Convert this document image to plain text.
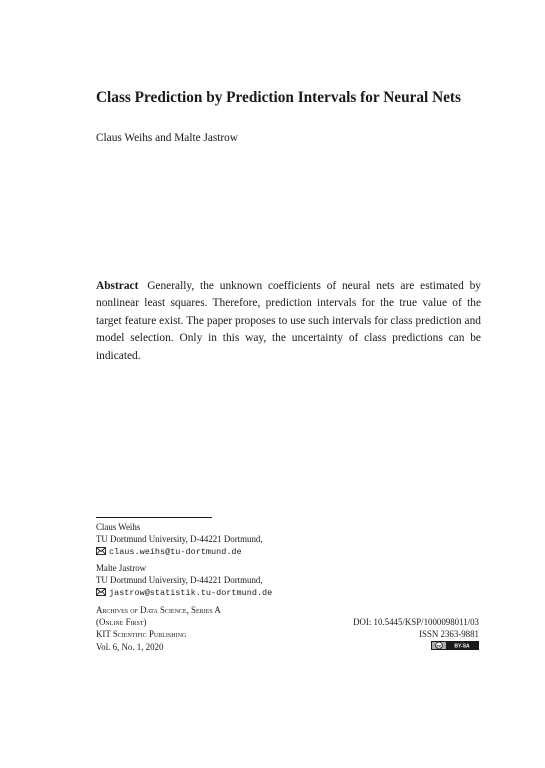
Class Prediction by Prediction Intervals for Neural Nets
Claus Weihs and Malte Jastrow
Abstract Generally, the unknown coefficients of neural nets are estimated by nonlinear least squares. Therefore, prediction intervals for the true value of the target feature exist. The paper proposes to use such intervals for class prediction and model selection. Only in this way, the uncertainty of class predictions can be indicated.
Claus Weihs
TU Dortmund University, D-44221 Dortmund,
claus.weihs@tu-dortmund.de
Malte Jastrow
TU Dortmund University, D-44221 Dortmund,
jastrow@statistik.tu-dortmund.de
Archives of Data Science, Series A
(Online First)
KIT Scientific Publishing
Vol. 6, No. 1, 2020
DOI: 10.5445/KSP/1000098011/03
ISSN 2363-9881
cc	BY-SA
